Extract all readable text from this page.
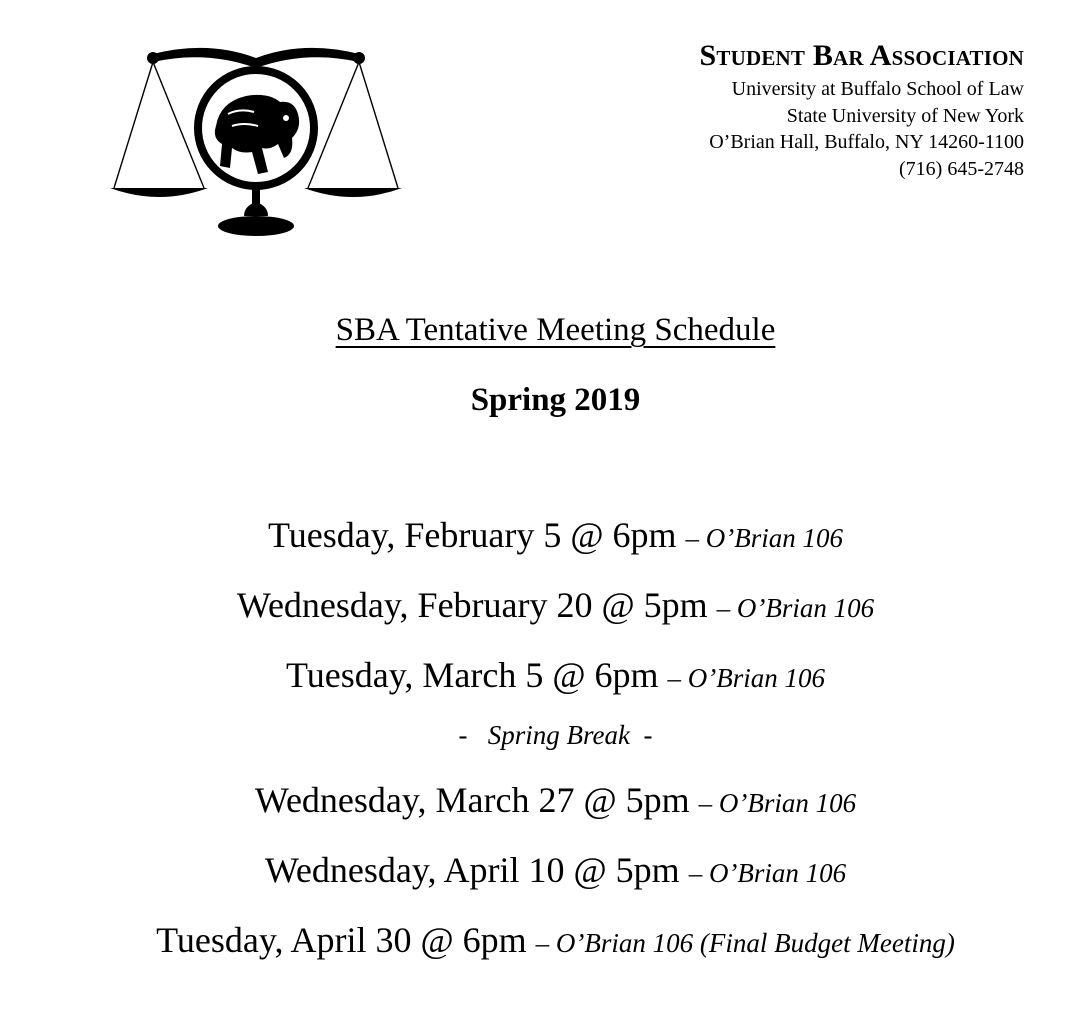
Student Bar Association
University at Buffalo School of Law
State University of New York
O’Brian Hall, Buffalo, NY 14260-1100
(716) 645-2748
SBA Tentative Meeting Schedule
Spring 2019
Tuesday, February 5 @ 6pm – O’Brian 106
Wednesday, February 20 @ 5pm – O’Brian 106
Tuesday, March 5 @ 6pm – O’Brian 106
- Spring Break -
Wednesday, March 27 @ 5pm – O’Brian 106
Wednesday, April 10 @ 5pm – O’Brian 106
Tuesday, April 30 @ 6pm – O’Brian 106 (Final Budget Meeting)
